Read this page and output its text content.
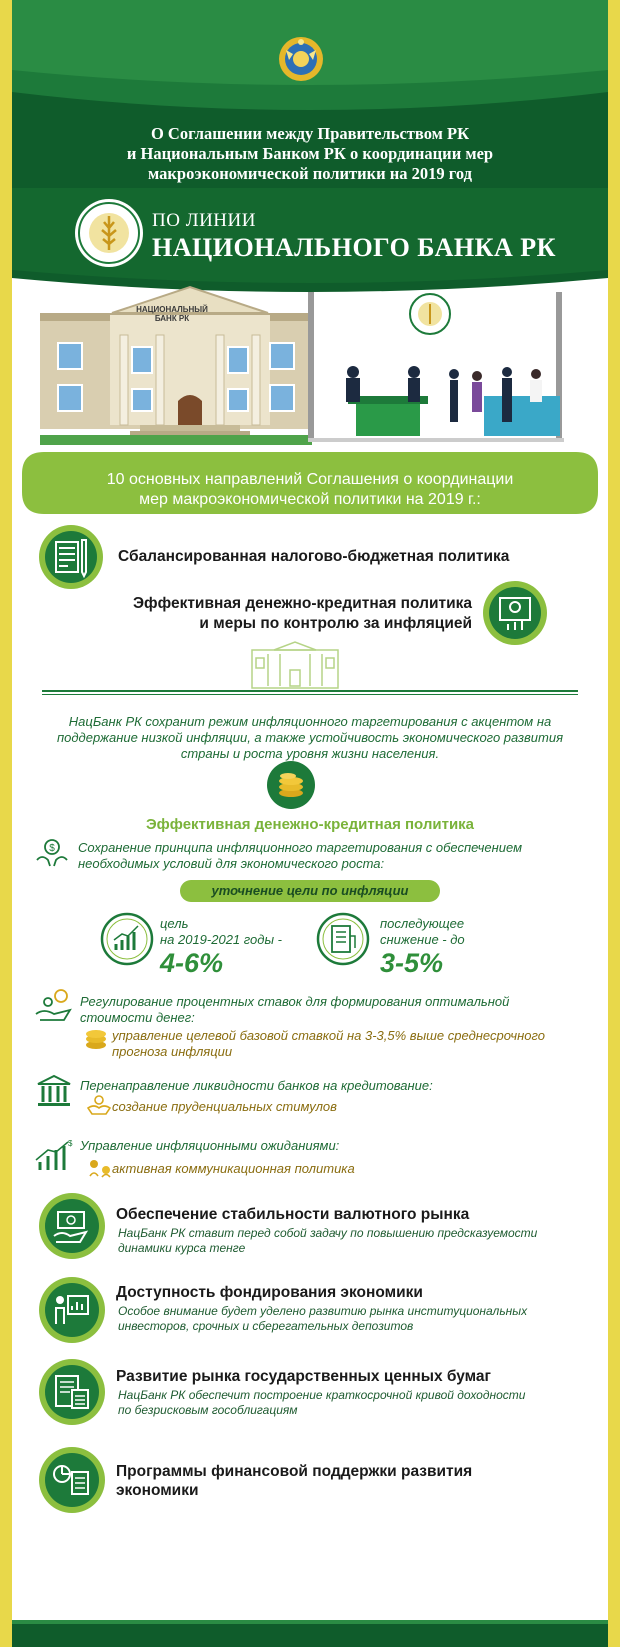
О Соглашении между Правительством РК
и Национальным Банком РК о координации мер
макроэкономической политики на 2019 год
ПО ЛИНИИ
НАЦИОНАЛЬНОГО БАНКА РК
НАЦИОНАЛЬНЫЙ БАНК РК
10 основных направлений Соглашения о координации
мер макроэкономической политики на 2019 г.:
Сбалансированная налогово-бюджетная политика
Эффективная денежно-кредитная политика
и меры по контролю за инфляцией
НацБанк РК сохранит режим инфляционного таргетирования с акцентом на
поддержание низкой инфляции, а также устойчивость экономического развития
страны и роста уровня жизни населения.
Эффективная денежно-кредитная политика
$ Сохранение принципа инфляционного таргетирования с обеспечением
необходимых условий для экономического роста:
уточнение цели по инфляции
цель
на 2019-2021 годы -
4-6%
последующее
снижение - до
3-5%
Регулирование процентных ставок для формирования оптимальной
стоимости денег:
управление целевой базовой ставкой на 3-3,5% выше среднесрочного
прогноза инфляции
Перенаправление ликвидности банков на кредитование:
создание пруденциальных стимулов
$ Управление инфляционными ожиданиями:
активная коммуникационная политика
Обеспечение стабильности валютного рынка
НацБанк РК ставит перед собой задачу по повышению предсказуемости
динамики курса тенге
Доступность фондирования экономики
Особое внимание будет уделено развитию рынка институциональных
инвесторов, срочных и сберегательных депозитов
Развитие рынка государственных ценных бумаг
НацБанк РК обеспечит построение краткосрочной кривой доходности
по безрисковым гособлигациям
Программы финансовой поддержки развития
экономики
